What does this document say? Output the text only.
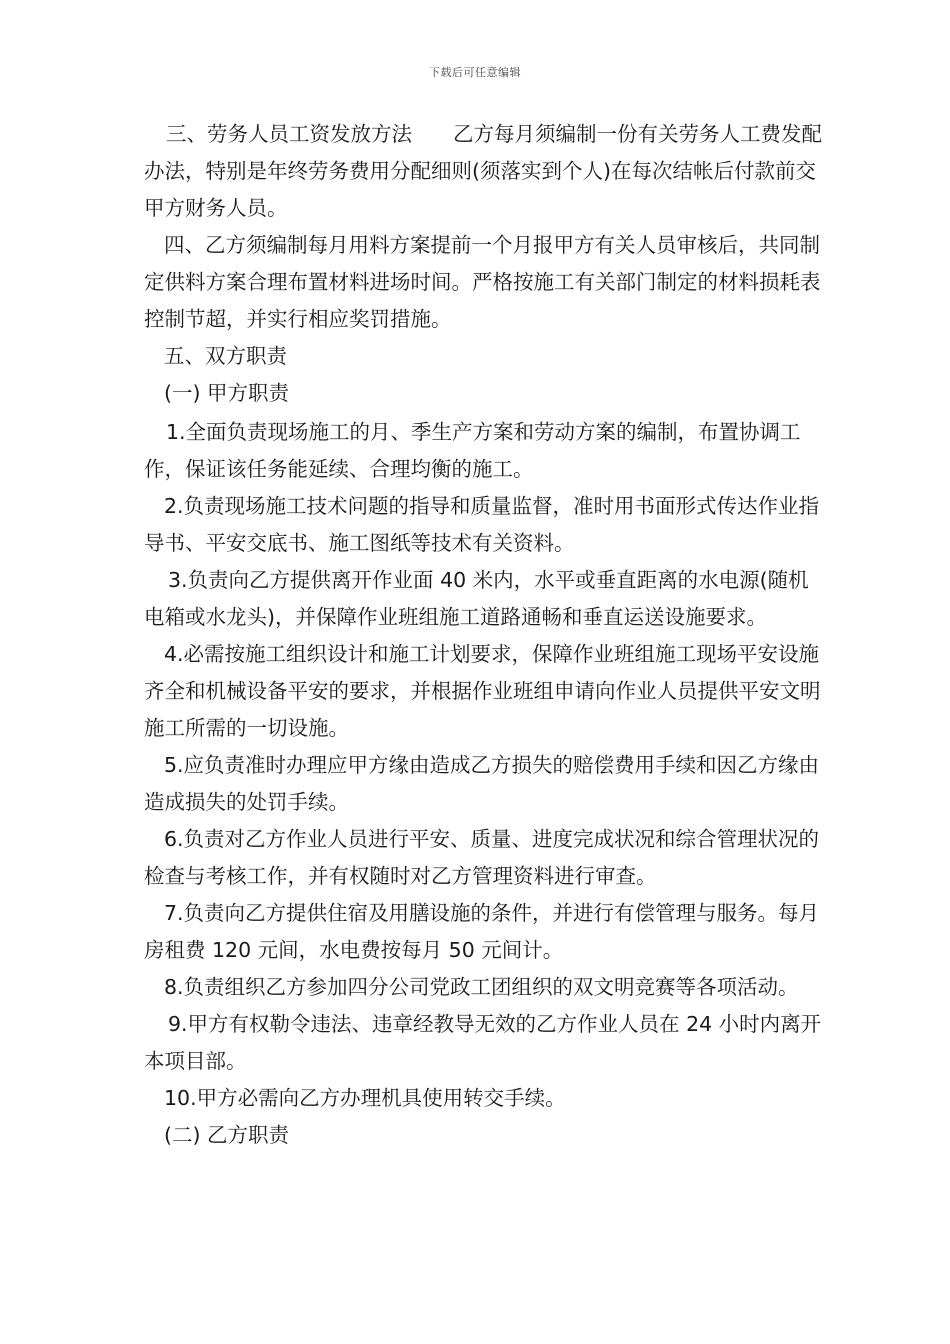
下载后可任意编辑

三、劳务人员工资发放方法　　乙方每月须编制一份有关劳务人工费发配办法，特别是年终劳务费用分配细则(须落实到个人)在每次结帐后付款前交甲方财务人员。

四、乙方须编制每月用料方案提前一个月报甲方有关人员审核后，共同制定供料方案合理布置材料进场时间。严格按施工有关部门制定的材料损耗表控制节超，并实行相应奖罚措施。

五、双方职责

(一) 甲方职责

1.全面负责现场施工的月、季生产方案和劳动方案的编制，布置协调工作，保证该任务能延续、合理均衡的施工。

2.负责现场施工技术问题的指导和质量监督，准时用书面形式传达作业指导书、平安交底书、施工图纸等技术有关资料。

3.负责向乙方提供离开作业面 40 米内，水平或垂直距离的水电源(随机电箱或水龙头)，并保障作业班组施工道路通畅和垂直运送设施要求。

4.必需按施工组织设计和施工计划要求，保障作业班组施工现场平安设施齐全和机械设备平安的要求，并根据作业班组申请向作业人员提供平安文明施工所需的一切设施。

5.应负责准时办理应甲方缘由造成乙方损失的赔偿费用手续和因乙方缘由造成损失的处罚手续。

6.负责对乙方作业人员进行平安、质量、进度完成状况和综合管理状况的检查与考核工作，并有权随时对乙方管理资料进行审查。

7.负责向乙方提供住宿及用膳设施的条件，并进行有偿管理与服务。每月房租费 120 元间，水电费按每月 50 元间计。

8.负责组织乙方参加四分公司党政工团组织的双文明竞赛等各项活动。

9.甲方有权勒令违法、违章经教导无效的乙方作业人员在 24 小时内离开本项目部。

10.甲方必需向乙方办理机具使用转交手续。

(二) 乙方职责
